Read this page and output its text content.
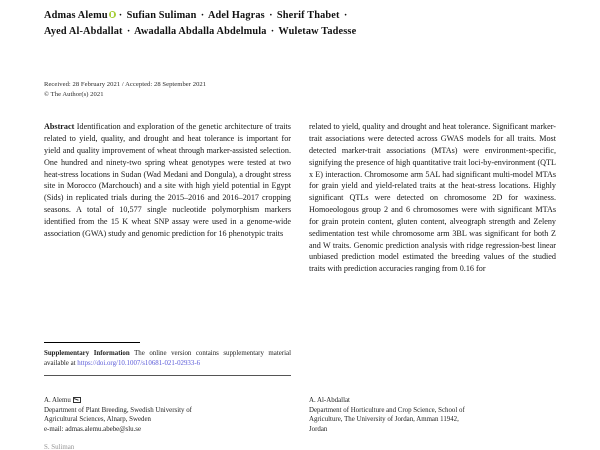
Admas Alemu · Sufian Suliman · Adel Hagras · Sherif Thabet ·
Ayed Al-Abdallat · Awadalla Abdalla Abdelmula · Wuletaw Tadesse
Received: 28 February 2021 / Accepted: 28 September 2021
© The Author(s) 2021

Abstract Identification and exploration of the genetic architecture of traits related to yield, quality, and drought and heat tolerance is important for yield and quality improvement of wheat through marker-assisted selection. One hundred and ninety-two spring wheat genotypes were tested at two heat-stress locations in Sudan (Wad Medani and Dongula), a drought stress site in Morocco (Marchouch) and a site with high yield potential in Egypt (Sids) in replicated trials during the 2015–2016 and 2016–2017 cropping seasons. A total of 10,577 single nucleotide polymorphism markers identified from the 15 K wheat SNP assay were used in a genome-wide association (GWA) study and genomic prediction for 16 phenotypic traits

related to yield, quality and drought and heat tolerance. Significant marker-trait associations were detected across GWAS models for all traits. Most detected marker-trait associations (MTAs) were environment-specific, signifying the presence of high quantitative trait loci-by-environment (QTL x E) interaction. Chromosome arm 5AL had significant multi-model MTAs for grain yield and yield-related traits at the heat-stress locations. Highly significant QTLs were detected on chromosome 2D for waxiness. Homoeologous group 2 and 6 chromosomes were with significant MTAs for grain protein content, gluten content, alveograph strength and Zeleny sedimentation test while chromosome arm 3BL was significant for both Z and W traits. Genomic prediction analysis with ridge regression-best linear unbiased prediction model estimated the breeding values of the studied traits with prediction accuracies ranging from 0.16 for

Supplementary Information The online version contains supplementary material available at https://doi.org/10.1007/s10681-021-02933-6
A. Alemu
Department of Plant Breeding, Swedish University of
Agricultural Sciences, Alnarp, Sweden
e-mail: admas.alemu.abebe@slu.se
A. Al-Abdallat
Department of Horticulture and Crop Science, School of
Agriculture, The University of Jordan, Amman 11942,
Jordan
S. Suliman
